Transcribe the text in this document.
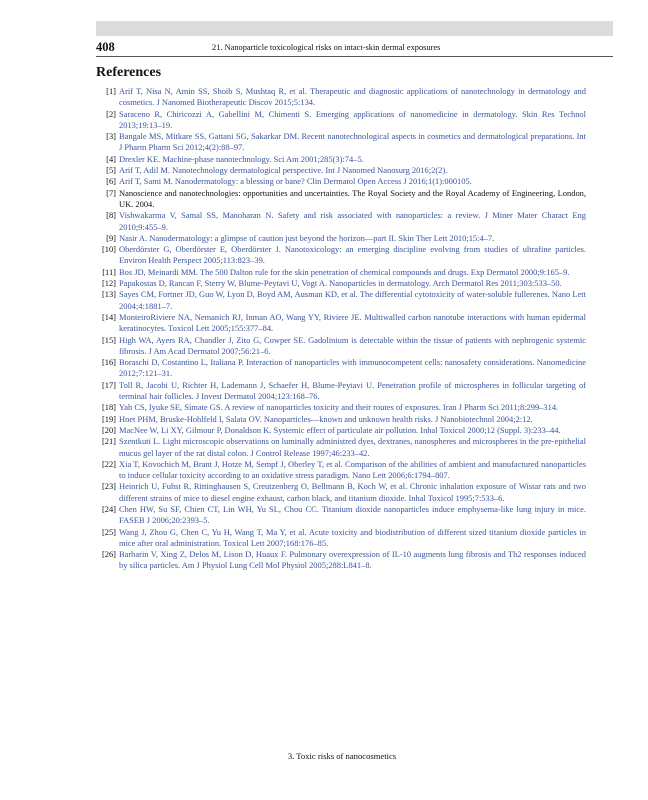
408	21. Nanoparticle toxicological risks on intact-skin dermal exposures
References
[1] Arif T, Nisa N, Amin SS, Shoib S, Mushtaq R, et al. Therapeutic and diagnostic applications of nanotechnology in dermatology and cosmetics. J Nanomed Biotherapeutic Discov 2015;5:134.
[2] Saraceno R, Chiricozzi A, Gabellini M, Chimenti S. Emerging applications of nanomedicine in dermatology. Skin Res Technol 2013;19:13–19.
[3] Bangale MS, Mitkare SS, Gattani SG, Sakarkar DM. Recent nanotechnological aspects in cosmetics and dermatological preparations. Int J Pharm Pharm Sci 2012;4(2):88–97.
[4] Drexler KE. Machine-phase nanotechnology. Sci Am 2001;285(3):74–5.
[5] Arif T, Adil M. Nanotechnology dermatological perspective. Int J Nanomed Nanosurg 2016;2(2).
[6] Arif T, Sami M. Nanodermatology: a blessing or bane? Clin Dermatol Open Access J 2016;1(1):000105.
[7] Nanoscience and nanotechnologies: opportunities and uncertainties. The Royal Society and the Royal Academy of Engineering, London, UK. 2004.
[8] Vishwakarma V, Samal SS, Manoharan N. Safety and risk associated with nanoparticles: a review. J Miner Mater Charact Eng 2010;9:455–9.
[9] Nasir A. Nanodermatology: a glimpse of caution just beyond the horizon—part II. Skin Ther Lett 2010;15:4–7.
[10] Oberdörster G, Oberdörster E, Oberdörster J. Nanotoxicology: an emerging discipline evolving from studies of ultrafine particles. Environ Health Perspect 2005;113:823–39.
[11] Bos JD, Meinardi MM. The 500 Dalton rule for the skin penetration of chemical compounds and drugs. Exp Dermatol 2000;9:165–9.
[12] Papakostas D, Rancan F, Sterry W, Blume-Peytavi U, Vogt A. Nanoparticles in dermatology. Arch Dermatol Res 2011;303:533–50.
[13] Sayes CM, Fortner JD, Guo W, Lyon D, Boyd AM, Ausman KD, et al. The differential cytotoxicity of water-soluble fullerenes. Nano Lett 2004;4:1881–7.
[14] MonteiroRiviere NA, Nemanich RJ, Inman AO, Wang YY, Riviere JE. Multiwalled carbon nanotube interactions with human epidermal keratinocytes. Toxicol Lett 2005;155:377–84.
[15] High WA, Ayers RA, Chandler J, Zito G, Cowper SE. Gadolinium is detectable within the tissue of patients with nephrogenic systemic fibrosis. J Am Acad Dermatol 2007;56:21–6.
[16] Boraschi D, Costantino L, Italiana P. Interaction of nanoparticles with immunocompetent cells: nanosafety considerations. Nanomedicine 2012;7:121–31.
[17] Toll R, Jacobi U, Richter H, Lademann J, Schaefer H, Blume-Peytavi U. Penetration profile of microspheres in follicular targeting of terminal hair follicles. J Invest Dermatol 2004;123:168–76.
[18] Yah CS, Iyuke SE, Simate GS. A review of nanoparticles toxicity and their routes of exposures. Iran J Pharm Sci 2011;8:299–314.
[19] Hoet PHM, Bruske-Hohlfeld I, Salata OV. Nanoparticles—known and unknown health risks. J Nanobiotechnol 2004;2:12.
[20] MacNee W, Li XY, Gilmour P, Donaldson K. Systemic effect of particulate air pollution. Inhal Toxicol 2000;12 (Suppl. 3):233–44.
[21] Szentkuti L. Light microscopic observations on luminally administred dyes, dextranes, nanospheres and microspheres in the pre-epithelial mucus gel layer of the rat distal colon. J Control Release 1997;46:233–42.
[22] Xia T, Kovochich M, Brant J, Hotze M, Sempf J, Oberley T, et al. Comparison of the abilities of ambient and manufactured nanoparticles to induce cellular toxicity according to an oxidative stress paradigm. Nano Lett 2006;6:1794–807.
[23] Heinrich U, Fuhst R, Rittinghausen S, Creutzenberg O, Bellmann B, Koch W, et al. Chronic inhalation exposure of Wistar rats and two different strains of mice to diesel engine exhaust, carbon black, and titanium dioxide. Inhal Toxicol 1995;7:533–6.
[24] Chen HW, Su SF, Chien CT, Lin WH, Yu SL, Chou CC. Titanium dioxide nanoparticles induce emphysema-like lung injury in mice. FASEB J 2006;20:2393–5.
[25] Wang J, Zhou G, Chen C, Yu H, Wang T, Ma Y, et al. Acute toxicity and biodistribution of different sized titanium dioxide particles in mice after oral administration. Toxicol Lett 2007;168:176–85.
[26] Barbarin V, Xing Z, Delos M, Lison D, Huaux F. Pulmonary overexpression of IL-10 augments lung fibrosis and Th2 responses induced by silica particles. Am J Physiol Lung Cell Mol Physiol 2005;288:L841–8.
3. Toxic risks of nanocosmetics
